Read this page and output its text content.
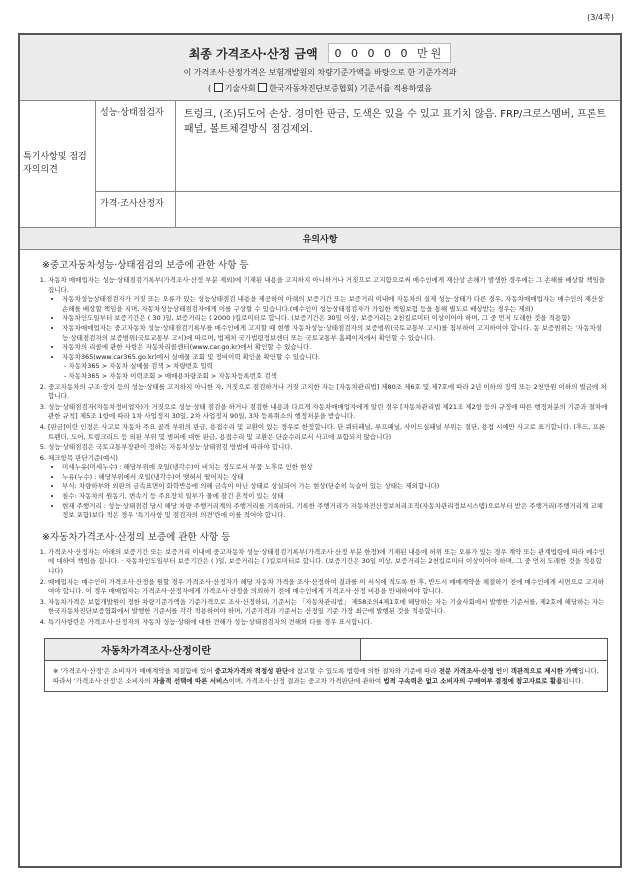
(3/4쪽)
최종 가격조사·산정 금액	0 0 0 0 0 만원
이 가격조사·산정가격은 보험개발원의 차량기준가액을 바탕으로 한 기준가격과
( 기술사회 한국자동차진단보증협회) 기준서를 적용하였음
특기사항및 점검자의의견
성능·상태점검자	트렁크, (조)뒤도어 손상. 경미한 판금, 도색은 있을 수 있고 표기치 않음. FRP/크로스멤버, 프론트 패널, 볼트체결방식 점검제외.
가격·조사산정자
유의사항
※중고자동차성능·상태점검의 보증에 관한 사항 등
1. 자동차 매매업자는 성능·상태점검기록부(가격조사·산정 부분 제외)에 기재된 내용을 고지하지 아니하거나 거짓으로 고지함으로써 매수인에게 재산상 손해가 발생한 경우에는 그 손해를 배상할 책임을 집니다.
• 자동차성능상태점검자가 거짓 또는 오류가 있는 성능상태점검 내용을 제공하여 아래의 보증기간 또는 보증거리 이내에 자동차의 실제 성능·상태가 다른 경우, 자동차매매업자는 매수인의 재산상 손해를 배상할 책임을 지며, 자동차성능상태점검자에게 이를 구상할 수 있습니다.(매수인이 성능상태점검자가 가입한 책임보험 등을 통해 별도로 배상받는 경우는 제외)
• 자동차인도일부터 보증기간은 ( 30 )일, 보증거리는 ( 2000 )킬로미터로 합니다. (보증기간은 30일 이상, 보증거리는 2천킬로미터 이상이어야 하며, 그 중 먼저 도래한 것을 적용함)
• 자동차매매업자는 중고자동차 성능·상태점검기록부를 매수인에게 고지할 때 현행 자동차성능·상태점검자의 보증범위(국토교통부 고시)를 첨부하여 고지하여야 합니다. 동 보증범위는 '자동차성능·상태점검자의 보증범위(국토교통부 고시)에 따르며, 법제처 국가법령정보센터 또는 국토교통부 홈페이지에서 확인할 수 있습니다.
• 자동차의 리콜에 관한 사항은 자동차리콜센터(www.car.go.kr)에서 확인할 수 있습니다.
• 자동차365(www.car365.go.kr)에서 실매물 조회 및 정비이력 확인을 확인할 수 있습니다.
- 자동차365 > 자동차 실매물 검색 > 차량번호 입력
- 자동차365 > 자동차 이력조회 > 매매용차량조회 > 자동차등록번호 검색
2. 중고자동차의 구조·장치 등의 성능·상태를 고지하지 아니한 자, 거짓으로 점검하거나 거짓 고지한 자는 [자동차관리법] 제80조 제6호 및 제7호에 따라 2년 이하의 징역 또는 2천만원 이하의 벌금에 처합니다.
3. 성능·상태점검자(자동차정비업자)가 거짓으로 성능·상태 점검을 하거나 점검한 내용과 다르게 자동차매매업자에게 알린 경우 [자동차관리법 제21조 제2항 등의 규정에 따른 행정처분의 기준과 절차에 관한 규칙] 제5조 1항에 따라 1차 사업정지 30일, 2차 사업정지 90일, 3차 등록취소의 행정처분을 받습니다.
4. [판금]이란 인정은 사고로 자동차 주요 골격 부위의 판금, 용접수리 및 교환이 있는 경우로 한정합니다. 단 쿼터패널, 루프패널, 사이드실패널 부위는 절단, 용접 시에만 사고로 표기합니다. (후드, 프론트펜더, 도어, 트렁크리드 등 외판 부위 및 범퍼에 대한 판금, 용접수리 및 교환은 단순수리로서 사고에 포함되지 않습니다)
5. 성능·상태점검은 국토교통부장관이 정하는 자동차성능·상태점검 방법에 따라야 합니다.
6. 체크항목 판단기준(예시)
• 미세누유(미세누수) : 해당부위에 오일(냉각수)이 비치는 정도로서 부품 노후로 인한 현상
• 누유(누수) : 해당부위에서 오일(냉각수)이 맺혀서 떨어지는 상태
• 부식: 차량하부와 외판의 금속표면이 화학반응에 의해 금속이 아닌 상태로 상실되어 가는 현상(단순히 녹슬어 있는 상태는 제외합니다)
• 침수: 자동차의 원동기, 변속기 등 주요장치 일부가 물에 잠긴 흔적이 있는 상태
• 현재 주행거리 : 성능·상태점검 당시 해당 차량 주행거리계의 주행거리를 기록하되, 기록한 주행거리가 자동차전산정보처리조직(자동차관리정보시스템)으로부터 받은 주행거리(주행거리계 교체 정보 포함)보다 적은 경우 '특기사항 및 점검자의 의견'란에 이를 적어야 합니다.
※자동차가격조사·산정의 보증에 관한 사항 등
1. 가격조사·산정자는 아래의 보증기간 또는 보증거리 이내에 중고자동차 성능·상태점검기록부(가격조사·산정 부분 한정)에 기재된 내용에 허위 또는 오류가 있는 경우 계약 또는 관계법령에 따라 매수인에 대하여 책임을 집니다. · 자동차인도일부터 보증기간은 ( )일, 보증거리는 ( )킬로미터로 합니다. (보증기간은 30일 이상, 보증거리는 2천킬로미터 이상이어야 하며, 그 중 먼저 도래한 것을 적용합니다)
2. 매매업자는 매수인이 가격조사·산정을 원할 경우 가격조사·산정자가 해당 자동차 가격을 조사·산정하여 결과를 이 서식에 적도록 한 후, 반드시 매매계약을 체결하기 전에 매수인에게 서면으로 고지하여야 합니다. 이 경우 매매업자는 가격조사·산정자에게 가격조사·산정을 의뢰하기 전에 매수인에게 가격조사·산정 비용을 안내하여야 합니다.
3. 자동차가격은 보험개발원이 정한 차량기준가액을 기준가격으로 조사·산정하되, 기준서는 「자동차관리법」 제58조의4제1호에 해당하는 자는 기술사회에서 발행한 기준서를, 제2호에 해당하는 자는 한국자동차진단보증협회에서 발행한 기준서를 각각 적용하여야 하며, 기준가격과 기준서는 산정일 기준 가장 최근에 발행된 것을 적용합니다.
4. 특기사항란은 가격조사·산정자의 자동차 성능·상태에 대한 견해가 성능·상태점검자의 견해와 다를 경우 표시합니다.
자동차가격조사·산정이란
※ '가격조사·산정'은 소비자가 매매계약을 체결함에 있어 중고차가격의 적정성 판단에 참고할 수 있도록 법령에 의한 절차와 기준에 따라 전문 가격조사·산정 인이 객관적으로 제시한 가액입니다. 따라서 '가격조사·산정'은 소비자의 자율적 선택에 따른 서비스이며, 가격조사·산정 결과는 중고차 가격판단에 관하여 법적 구속력은 없고 소비자의 구매여부 결정에 참고자료로 활용됩니다.
